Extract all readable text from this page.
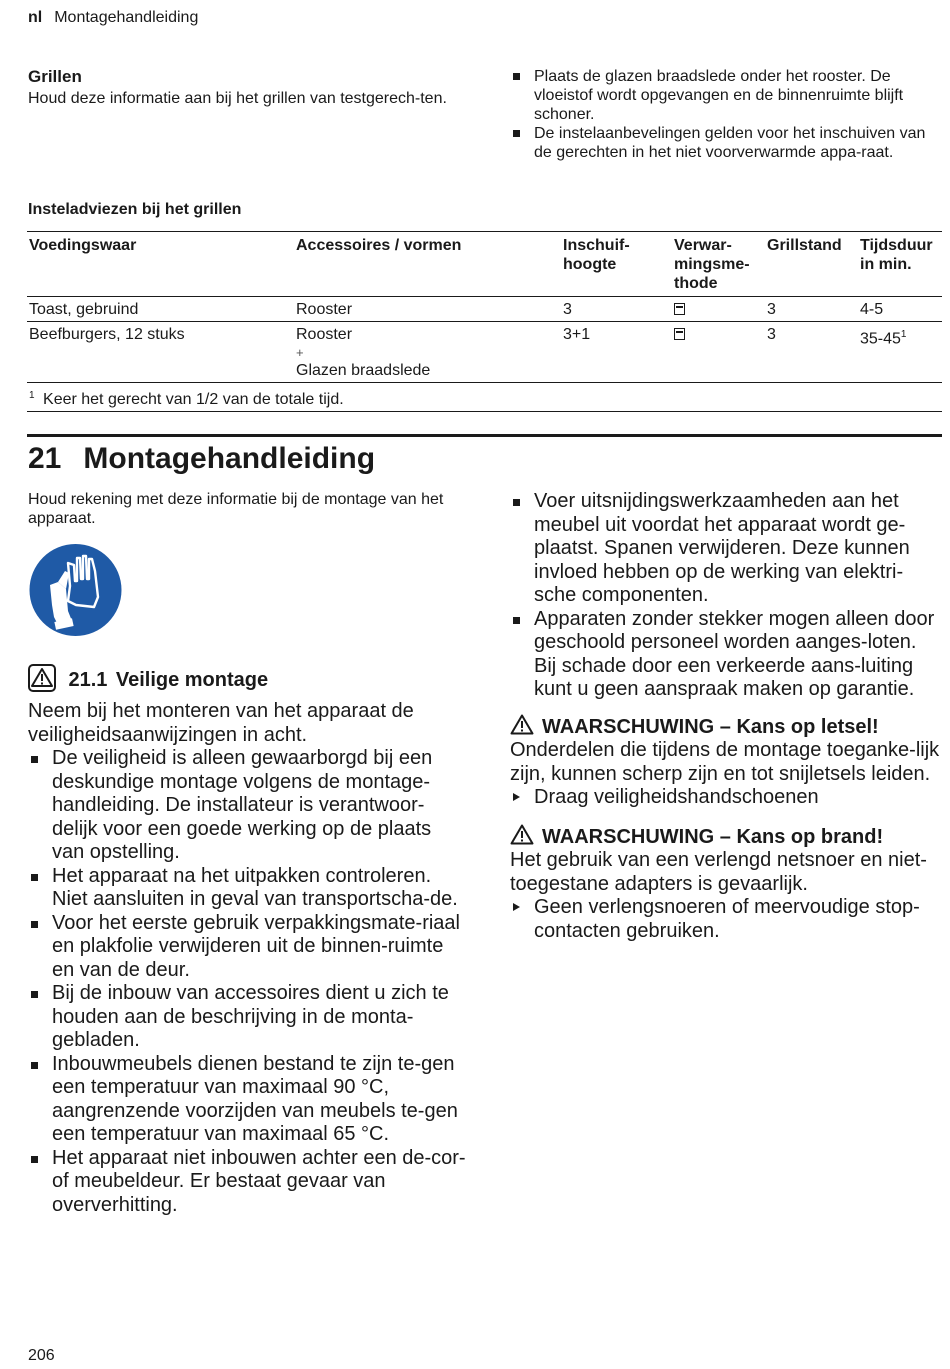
nl Montagehandleiding
Grillen
Houd deze informatie aan bij het grillen van testgerech-ten.
Plaats de glazen braadslede onder het rooster. De vloeistof wordt opgevangen en de binnenruimte blijft schoner.
De instelaanbevelingen gelden voor het inschuiven van de gerechten in het niet voorverwarmde appa-raat.
Insteladviezen bij het grillen
Voedingswaar	Accessoires / vormen	Inschuif-hoogte	Verwar-mingsme-thode	Grillstand	Tijdsduur in min.
Toast, gebruind	Rooster	3		3	4-5
Beefburgers, 12 stuks	Rooster
+
Glazen braadslede	3+1		3	$35-45^1$
$^1$ Keer het gerecht van 1/2 van de totale tijd.					
21 Montagehandleiding
Houd rekening met deze informatie bij de montage van het apparaat.
21.1 Veilige montage
Neem bij het monteren van het apparaat de veiligheidsaanwijzingen in acht.
De veiligheid is alleen gewaarborgd bij een deskundige montage volgens de montage-handleiding. De installateur is verantwoor-delijk voor een goede werking op de plaats van opstelling.
Het apparaat na het uitpakken controleren. Niet aansluiten in geval van transportscha-de.
Voor het eerste gebruik verpakkingsmate-riaal en plakfolie verwijderen uit de binnen-ruimte en van de deur.
Bij de inbouw van accessoires dient u zich te houden aan de beschrijving in de monta-gebladen.
Inbouwmeubels dienen bestand te zijn te-gen een temperatuur van maximaal 90 °C, aangrenzende voorzijden van meubels te-gen een temperatuur van maximaal 65 °C.
Het apparaat niet inbouwen achter een de-cor- of meubeldeur. Er bestaat gevaar van oververhitting.
Voer uitsnijdingswerkzaamheden aan het meubel uit voordat het apparaat wordt ge-plaatst. Spanen verwijderen. Deze kunnen invloed hebben op de werking van elektri-sche componenten.
Apparaten zonder stekker mogen alleen door geschoold personeel worden aanges-loten. Bij schade door een verkeerde aans-luiting kunt u geen aanspraak maken op garantie.
WAARSCHUWING – Kans op letsel!
Onderdelen die tijdens de montage toeganke-lijk zijn, kunnen scherp zijn en tot snijletsels leiden.
Draag veiligheidshandschoenen
WAARSCHUWING – Kans op brand!
Het gebruik van een verlengd netsnoer en niet-toegestane adapters is gevaarlijk.
Geen verlengsnoeren of meervoudige stop-contacten gebruiken.
206
